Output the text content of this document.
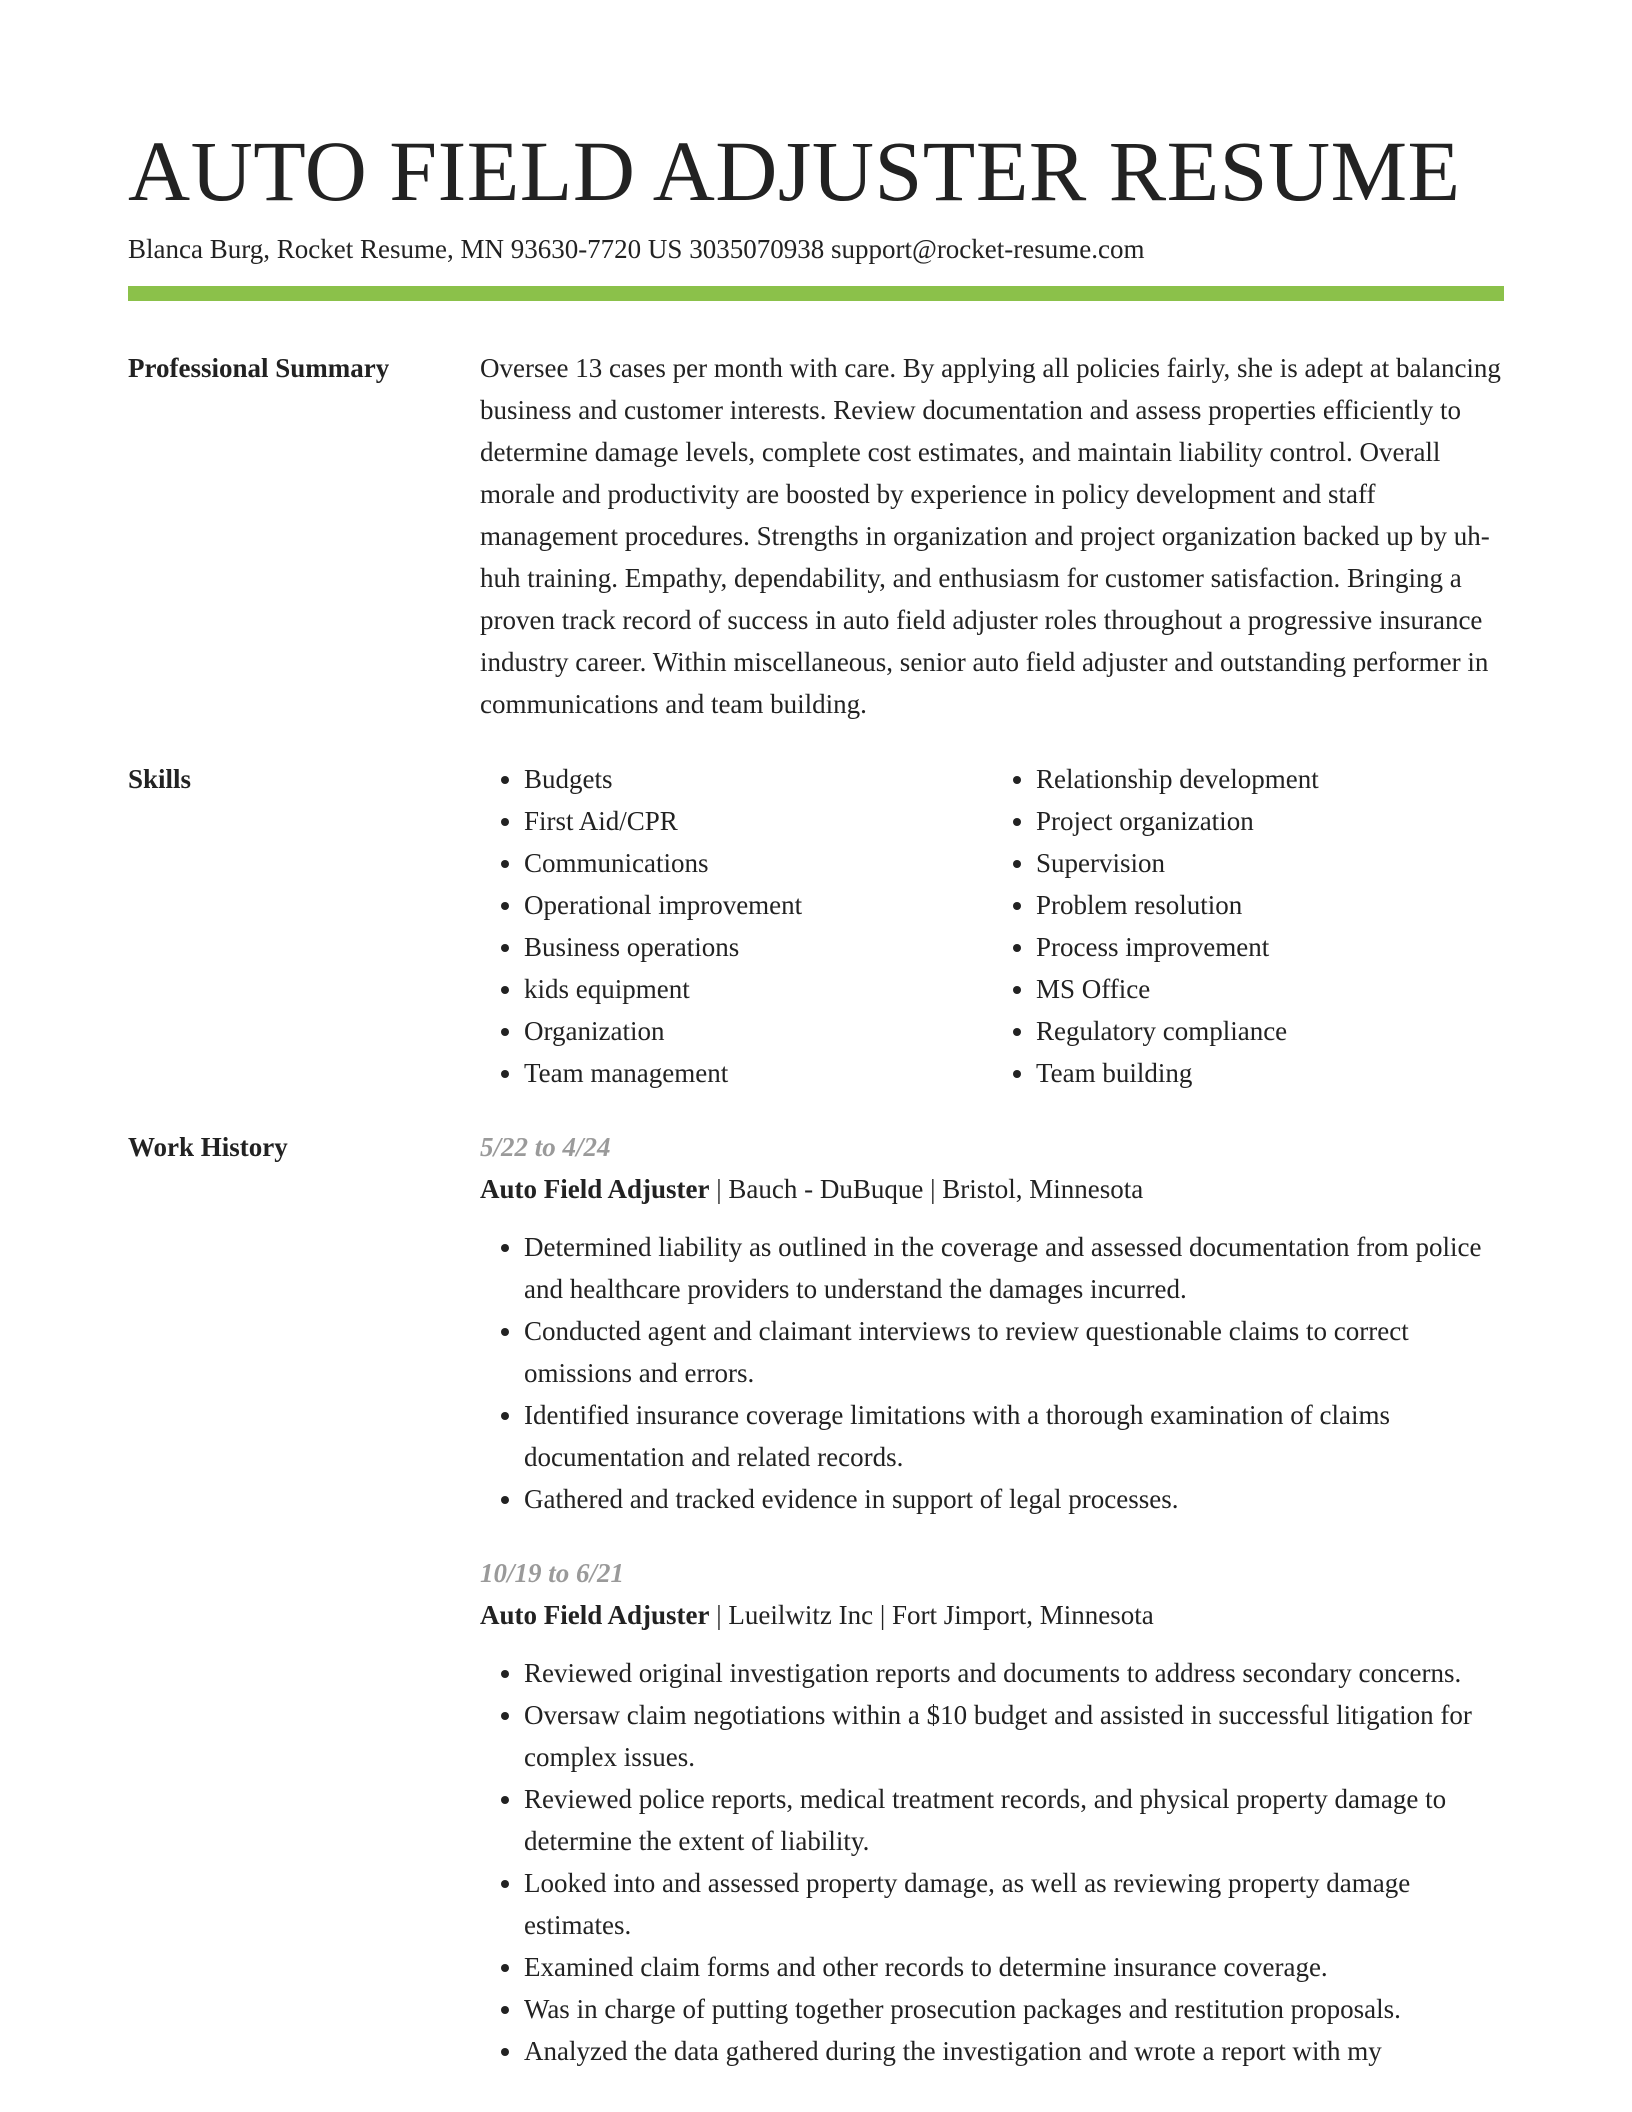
AUTO FIELD ADJUSTER RESUME
Blanca Burg, Rocket Resume, MN 93630-7720 US 3035070938 support@rocket-resume.com
Professional Summary	Oversee 13 cases per month with care. By applying all policies fairly, she is adept at balancing business and customer interests. Review documentation and assess properties efficiently to determine damage levels, complete cost estimates, and maintain liability control. Overall morale and productivity are boosted by experience in policy development and staff management procedures. Strengths in organization and project organization backed up by uh-huh training. Empathy, dependability, and enthusiasm for customer satisfaction. Bringing a proven track record of success in auto field adjuster roles throughout a progressive insurance industry career. Within miscellaneous, senior auto field adjuster and outstanding performer in communications and team building.

Skills
•	Budgets
• First Aid/CPR
• Communications
• Operational improvement
• Business operations
• kids equipment
• Organization
• Team management
• Relationship development
• Project organization
• Supervision
• Problem resolution
• Process improvement
• MS Office
• Regulatory compliance
• Team building
Work History	5/22 to 4/24
Auto Field Adjuster | Bauch - DuBuque | Bristol, Minnesota
• Determined liability as outlined in the coverage and assessed documentation from police and healthcare providers to understand the damages incurred.
• Conducted agent and claimant interviews to review questionable claims to correct omissions and errors.
• Identified insurance coverage limitations with a thorough examination of claims documentation and related records.
• Gathered and tracked evidence in support of legal processes.
10/19 to 6/21
Auto Field Adjuster | Lueilwitz Inc | Fort Jimport, Minnesota
• Reviewed original investigation reports and documents to address secondary concerns.
• Oversaw claim negotiations within a $10 budget and assisted in successful litigation for complex issues.
• Reviewed police reports, medical treatment records, and physical property damage to determine the extent of liability.
• Looked into and assessed property damage, as well as reviewing property damage estimates.
• Examined claim forms and other records to determine insurance coverage.
• Was in charge of putting together prosecution packages and restitution proposals.
• Analyzed the data gathered during the investigation and wrote a report with my
